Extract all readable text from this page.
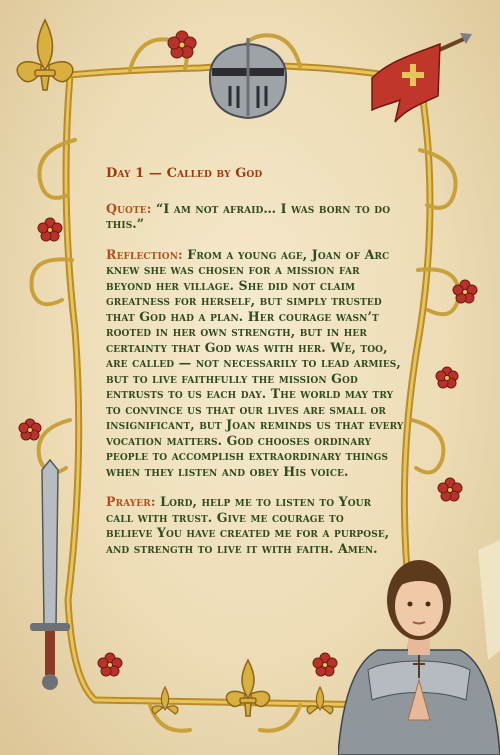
Day 1 — Called by God
Quote: “I am not afraid… I was born to do this.”
Reflection: From a young age, Joan of Arc knew she was chosen for a mission far beyond her village. She did not claim greatness for herself, but simply trusted that God had a plan. Her courage wasn’t rooted in her own strength, but in her certainty that God was with her. We, too, are called — not necessarily to lead armies, but to live faithfully the mission God entrusts to us each day. The world may try to convince us that our lives are small or insignificant, but Joan reminds us that every vocation matters. God chooses ordinary people to accomplish extraordinary things when they listen and obey His voice.
Prayer: Lord, help me to listen to Your call with trust. Give me courage to believe You have created me for a purpose, and strength to live it with faith. Amen.
